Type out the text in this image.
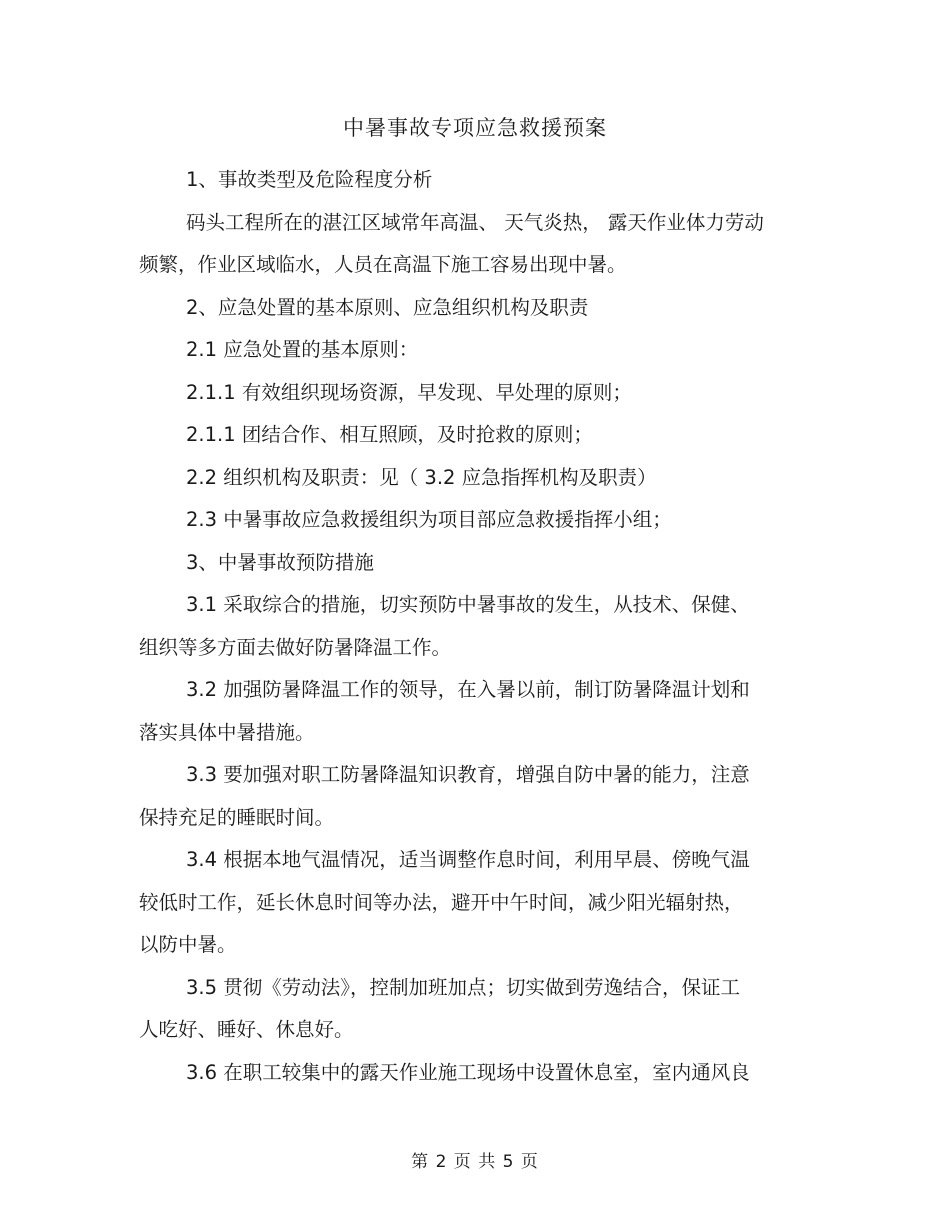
中暑事故专项应急救援预案

1、事故类型及危险程度分析

码头工程所在的湛江区域常年高温、 天气炎热， 露天作业体力劳动
频繁，作业区域临水，人员在高温下施工容易出现中暑。

2、应急处置的基本原则、应急组织机构及职责

2.1 应急处置的基本原则：

2.1.1 有效组织现场资源，早发现、早处理的原则；

2.1.1 团结合作、相互照顾，及时抢救的原则；

2.2 组织机构及职责：见（ 3.2 应急指挥机构及职责）

2.3 中暑事故应急救援组织为项目部应急救援指挥小组；

3、中暑事故预防措施

3.1 采取综合的措施，切实预防中暑事故的发生，从技术、保健、
组织等多方面去做好防暑降温工作。

3.2 加强防暑降温工作的领导，在入暑以前，制订防暑降温计划和
落实具体中暑措施。

3.3 要加强对职工防暑降温知识教育，增强自防中暑的能力，注意
保持充足的睡眠时间。

3.4 根据本地气温情况，适当调整作息时间，利用早晨、傍晚气温
较低时工作，延长休息时间等办法，避开中午时间，减少阳光辐射热，
以防中暑。

3.5 贯彻《劳动法》，控制加班加点；切实做到劳逸结合，保证工
人吃好、睡好、休息好。

3.6 在职工较集中的露天作业施工现场中设置休息室，室内通风良

第 2 页 共 5 页
